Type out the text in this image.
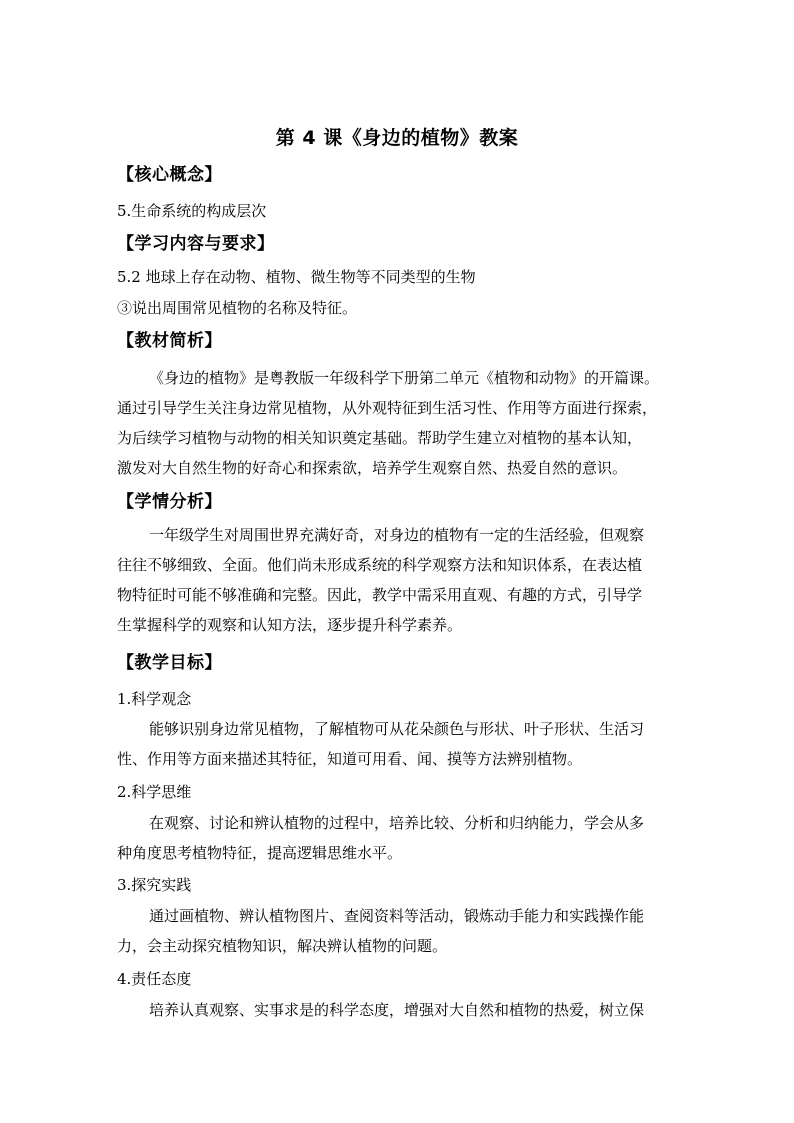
第 4 课《身边的植物》教案
【核心概念】
5.生命系统的构成层次
【学习内容与要求】
5.2 地球上存在动物、植物、微生物等不同类型的生物
③说出周围常见植物的名称及特征。
【教材简析】
《身边的植物》是粤教版一年级科学下册第二单元《植物和动物》的开篇课。
通过引导学生关注身边常见植物，从外观特征到生活习性、作用等方面进行探索，
为后续学习植物与动物的相关知识奠定基础。帮助学生建立对植物的基本认知，
激发对大自然生物的好奇心和探索欲，培养学生观察自然、热爱自然的意识。
【学情分析】
一年级学生对周围世界充满好奇，对身边的植物有一定的生活经验，但观察
往往不够细致、全面。他们尚未形成系统的科学观察方法和知识体系，在表达植
物特征时可能不够准确和完整。因此，教学中需采用直观、有趣的方式，引导学
生掌握科学的观察和认知方法，逐步提升科学素养。
【教学目标】
1.科学观念
能够识别身边常见植物，了解植物可从花朵颜色与形状、叶子形状、生活习
性、作用等方面来描述其特征，知道可用看、闻、摸等方法辨别植物。
2.科学思维
在观察、讨论和辨认植物的过程中，培养比较、分析和归纳能力，学会从多
种角度思考植物特征，提高逻辑思维水平。
3.探究实践
通过画植物、辨认植物图片、查阅资料等活动，锻炼动手能力和实践操作能
力，会主动探究植物知识，解决辨认植物的问题。
4.责任态度
培养认真观察、实事求是的科学态度，增强对大自然和植物的热爱，树立保
